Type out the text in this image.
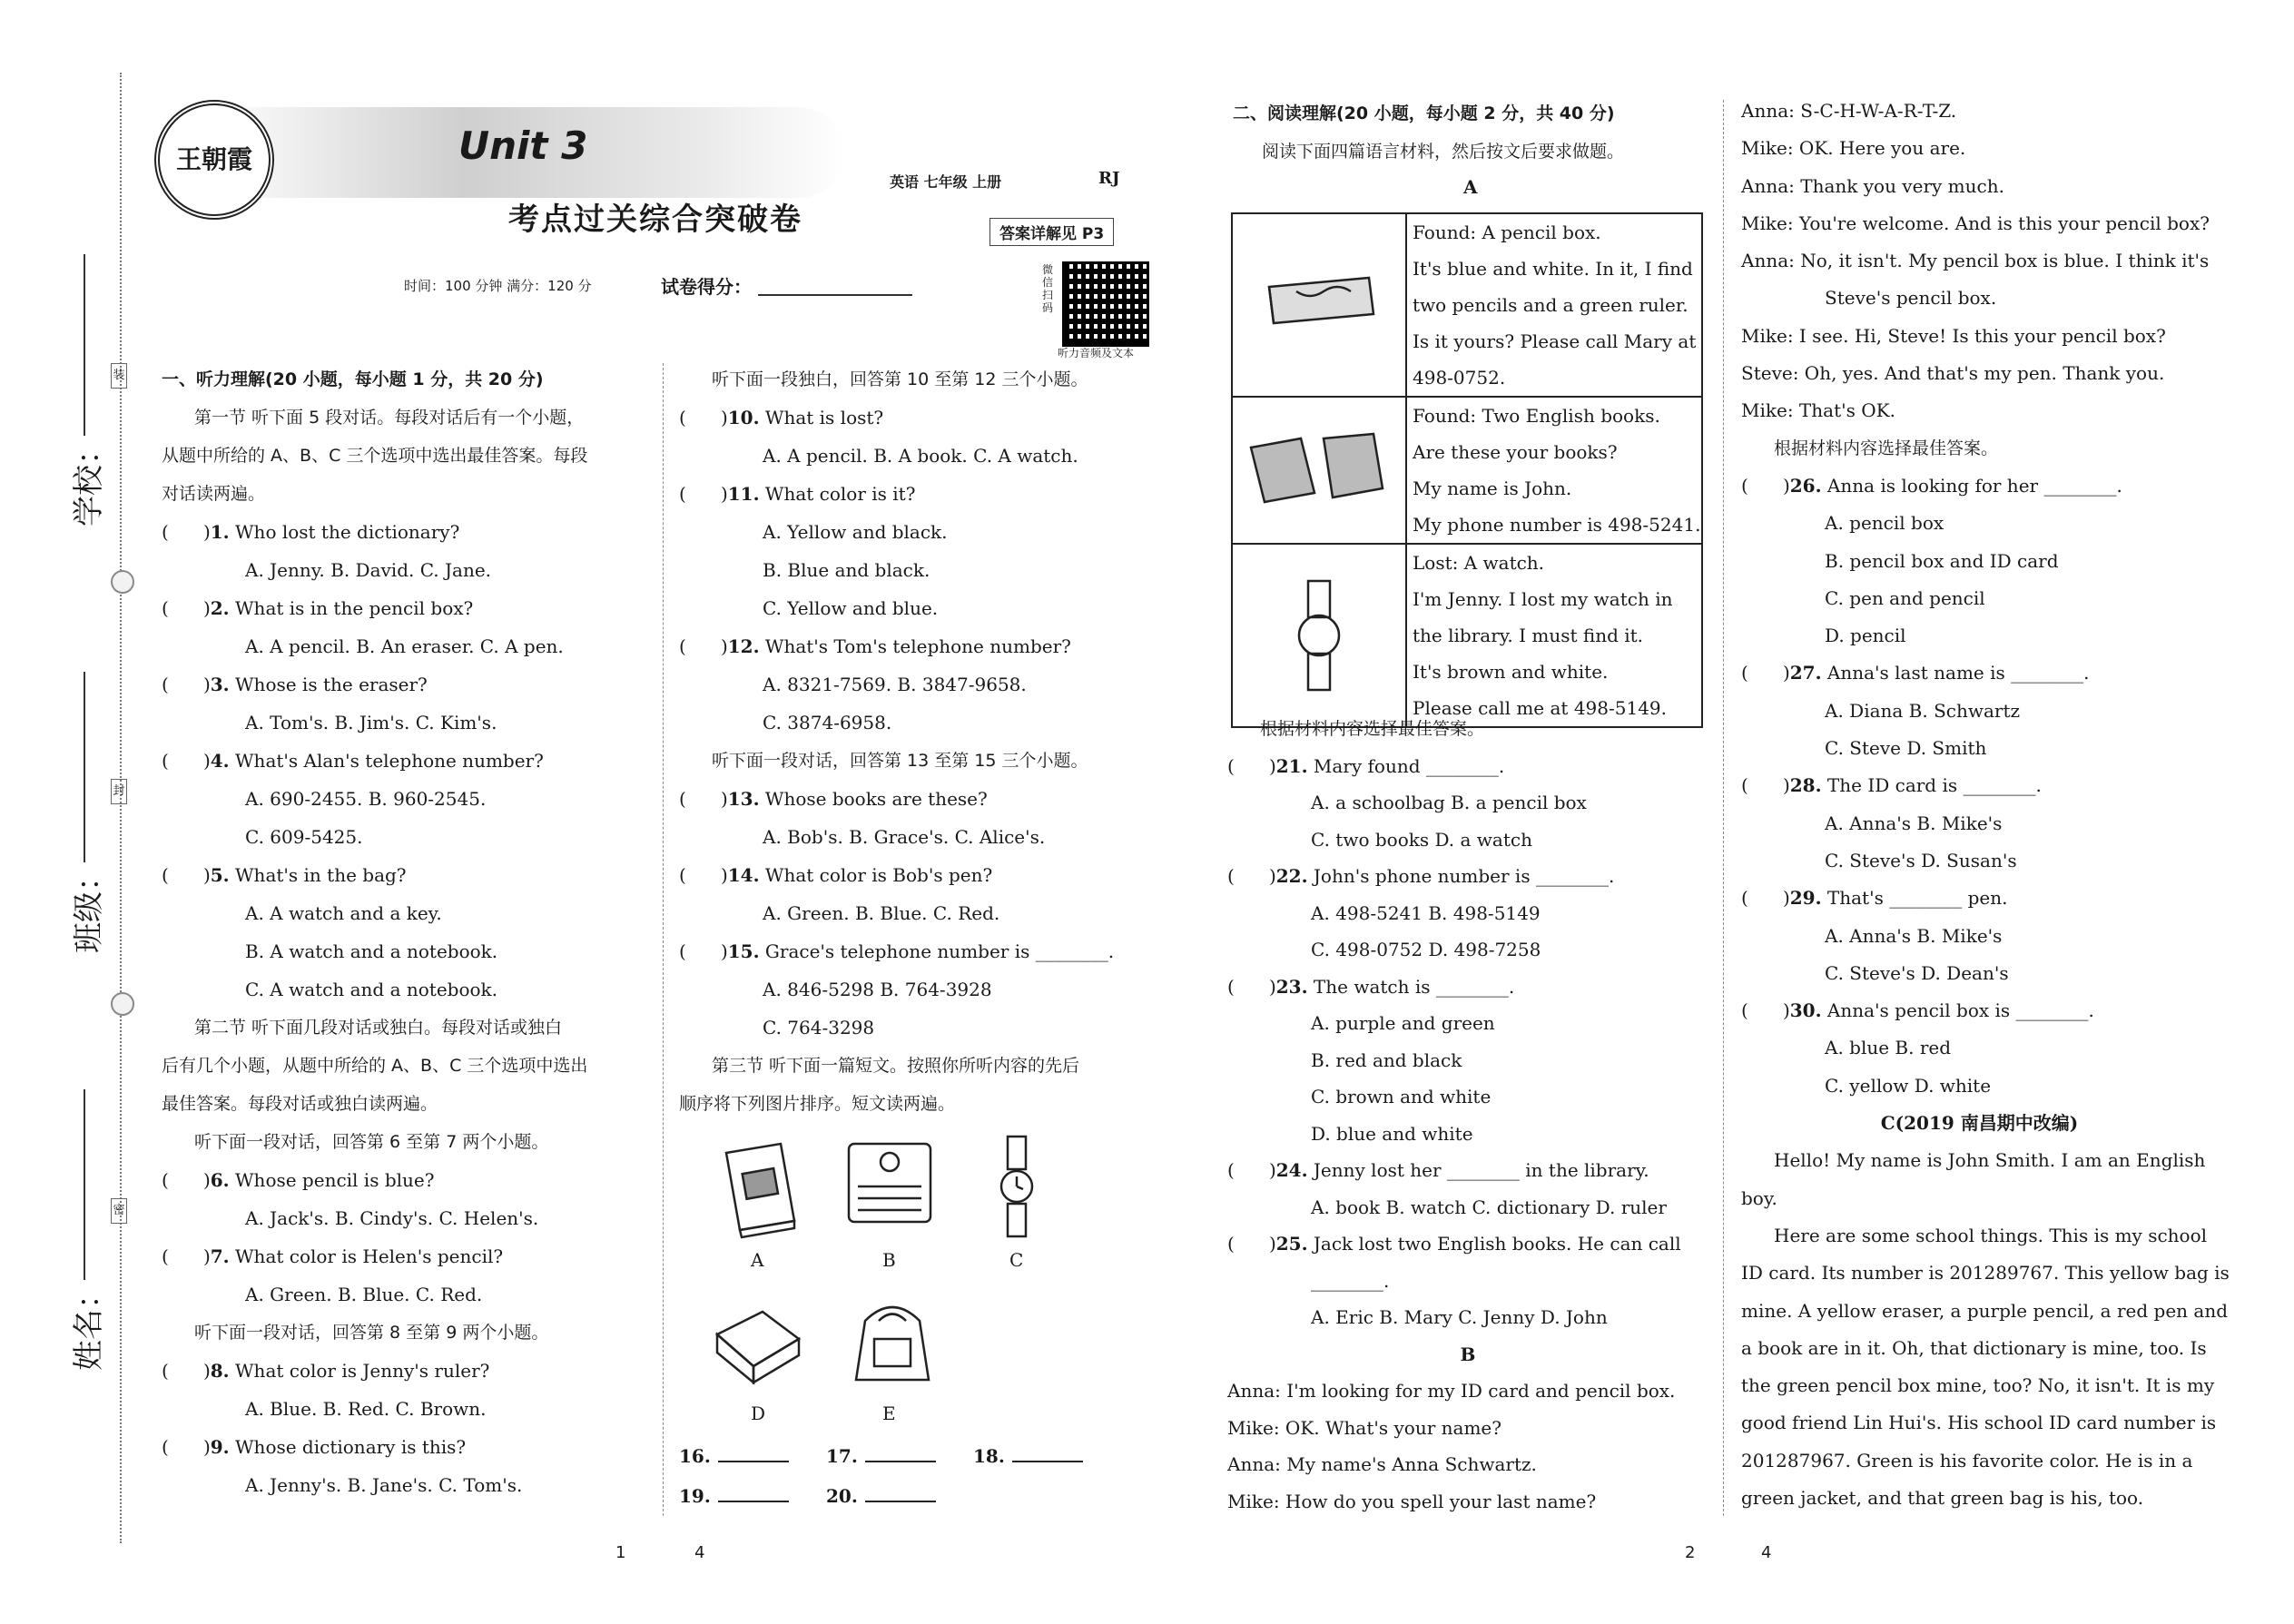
装
封
密
学校：
班级：
姓名：
王朝霞	Unit 3
考点过关综合突破卷
英语 七年级 上册	RJ
答案详解见 P3
时间：100 分钟 满分：120 分	试卷得分：
微信扫码
听力音频及文本
一、听力理解(20 小题，每小题 1 分，共 20 分)
第一节 听下面 5 段对话。每段对话后有一个小题，
从题中所给的 A、B、C 三个选项中选出最佳答案。每段
对话读两遍。
(      )1. Who lost the dictionary?
A. Jenny. B. David. C. Jane.
(      )2. What is in the pencil box?
A. A pencil. B. An eraser. C. A pen.
(      )3. Whose is the eraser?
A. Tom's. B. Jim's. C. Kim's.
(      )4. What's Alan's telephone number?
A. 690-2455. B. 960-2545.
C. 609-5425.
(      )5. What's in the bag?
A. A watch and a key.
B. A watch and a notebook.
C. A watch and a notebook.
第二节 听下面几段对话或独白。每段对话或独白
后有几个小题，从题中所给的 A、B、C 三个选项中选出
最佳答案。每段对话或独白读两遍。
听下面一段对话，回答第 6 至第 7 两个小题。
(      )6. Whose pencil is blue?
A. Jack's. B. Cindy's. C. Helen's.
(      )7. What color is Helen's pencil?
A. Green. B. Blue. C. Red.
听下面一段对话，回答第 8 至第 9 两个小题。
(      )8. What color is Jenny's ruler?
A. Blue. B. Red. C. Brown.
(      )9. Whose dictionary is this?
A. Jenny's. B. Jane's. C. Tom's.
听下面一段独白，回答第 10 至第 12 三个小题。
(      )10. What is lost?
A. A pencil. B. A book. C. A watch.
(      )11. What color is it?
A. Yellow and black.
B. Blue and black.
C. Yellow and blue.
(      )12. What's Tom's telephone number?
A. 8321-7569. B. 3847-9658.
C. 3874-6958.
听下面一段对话，回答第 13 至第 15 三个小题。
(      )13. Whose books are these?
A. Bob's. B. Grace's. C. Alice's.
(      )14. What color is Bob's pen?
A. Green. B. Blue. C. Red.
(      )15. Grace's telephone number is ________.
A. 846-5298 B. 764-3928
C. 764-3298
第三节 听下面一篇短文。按照你所听内容的先后
顺序将下列图片排序。短文读两遍。
A	B	C
D	E
16.	17.	18.
19.	20.
二、阅读理解(20 小题，每小题 2 分，共 40 分)
阅读下面四篇语言材料，然后按文后要求做题。
A

Found: A pencil box.
It's blue and white. In it, I find
two pencils and a green ruler.
Is it yours? Please call Mary at
498-0752.

Found: Two English books.
Are these your books?
My name is John.
My phone number is 498-5241.

Lost: A watch.
I'm Jenny. I lost my watch in
the library. I must find it.
It's brown and white.
Please call me at 498-5149.
根据材料内容选择最佳答案。
(      )21. Mary found ________.
A. a schoolbag B. a pencil box
C. two books D. a watch
(      )22. John's phone number is ________.
A. 498-5241 B. 498-5149
C. 498-0752 D. 498-7258
(      )23. The watch is ________.
A. purple and green
B. red and black
C. brown and white
D. blue and white
(      )24. Jenny lost her ________ in the library.
A. book B. watch C. dictionary D. ruler
(      )25. Jack lost two English books. He can call
________.
A. Eric B. Mary C. Jenny D. John
B
Anna: I'm looking for my ID card and pencil box.
Mike: OK. What's your name?
Anna: My name's Anna Schwartz.
Mike: How do you spell your last name?
Anna: S-C-H-W-A-R-T-Z.
Mike: OK. Here you are.
Anna: Thank you very much.
Mike: You're welcome. And is this your pencil box?
Anna: No, it isn't. My pencil box is blue. I think it's
Steve's pencil box.
Mike: I see. Hi, Steve! Is this your pencil box?
Steve: Oh, yes. And that's my pen. Thank you.
Mike: That's OK.
根据材料内容选择最佳答案。
(      )26. Anna is looking for her ________.
A. pencil box
B. pencil box and ID card
C. pen and pencil
D. pencil
(      )27. Anna's last name is ________.
A. Diana B. Schwartz
C. Steve D. Smith
(      )28. The ID card is ________.
A. Anna's B. Mike's
C. Steve's D. Susan's
(      )29. That's ________ pen.
A. Anna's B. Mike's
C. Steve's D. Dean's
(      )30. Anna's pencil box is ________.
A. blue B. red
C. yellow D. white
C(2019 南昌期中改编)
Hello! My name is John Smith. I am an English
boy.
Here are some school things. This is my school
ID card. Its number is 201289767. This yellow bag is
mine. A yellow eraser, a purple pencil, a red pen and
a book are in it. Oh, that dictionary is mine, too. Is
the green pencil box mine, too? No, it isn't. It is my
good friend Lin Hui's. His school ID card number is
201287967. Green is his favorite color. He is in a
green jacket, and that green bag is his, too.
1	4	2	4
